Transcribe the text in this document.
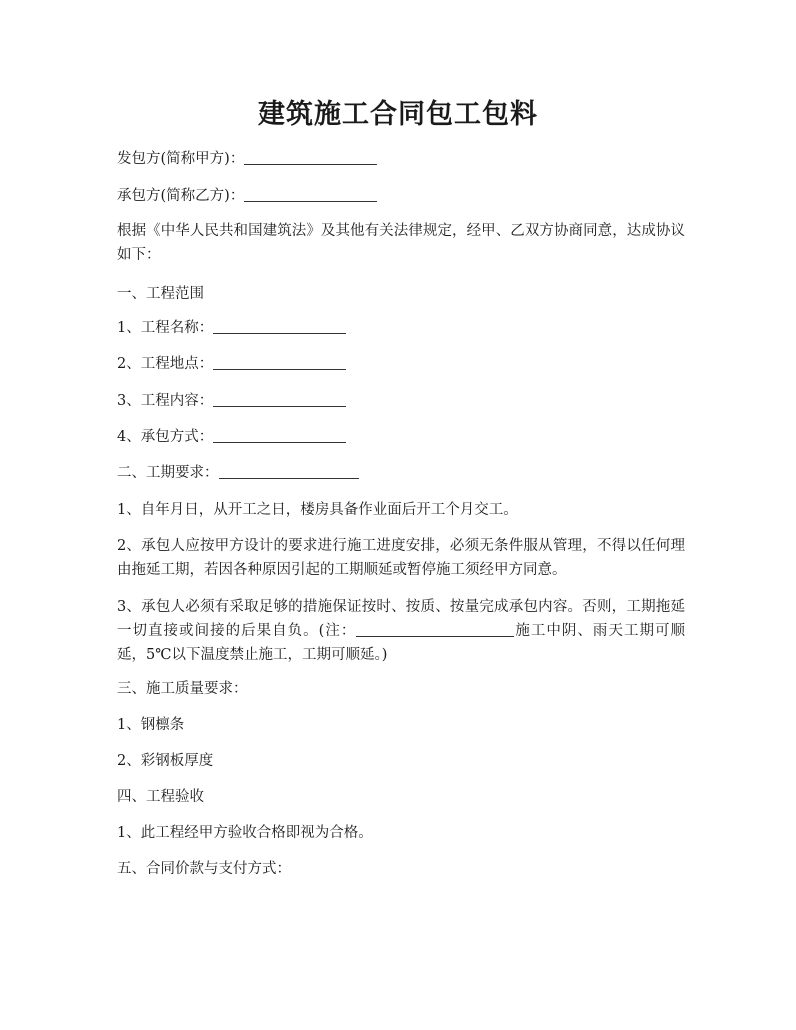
建筑施工合同包工包料
发包方(简称甲方)：
承包方(简称乙方)：
根据《中华人民共和国建筑法》及其他有关法律规定，经甲、乙双方协商同意，达成协议如下：
一、工程范围
1、工程名称：
2、工程地点：
3、工程内容：
4、承包方式：
二、工期要求：
1、自年月日，从开工之日，楼房具备作业面后开工个月交工。
2、承包人应按甲方设计的要求进行施工进度安排，必须无条件服从管理，不得以任何理由拖延工期，若因各种原因引起的工期顺延或暂停施工须经甲方同意。
3、承包人必须有采取足够的措施保证按时、按质、按量完成承包内容。否则，工期拖延一切直接或间接的后果自负。(注：	施工中阴、雨天工期可顺延，5℃以下温度禁止施工，工期可顺延。)
三、施工质量要求：
1、钢檩条
2、彩钢板厚度
四、工程验收
1、此工程经甲方验收合格即视为合格。
五、合同价款与支付方式：
